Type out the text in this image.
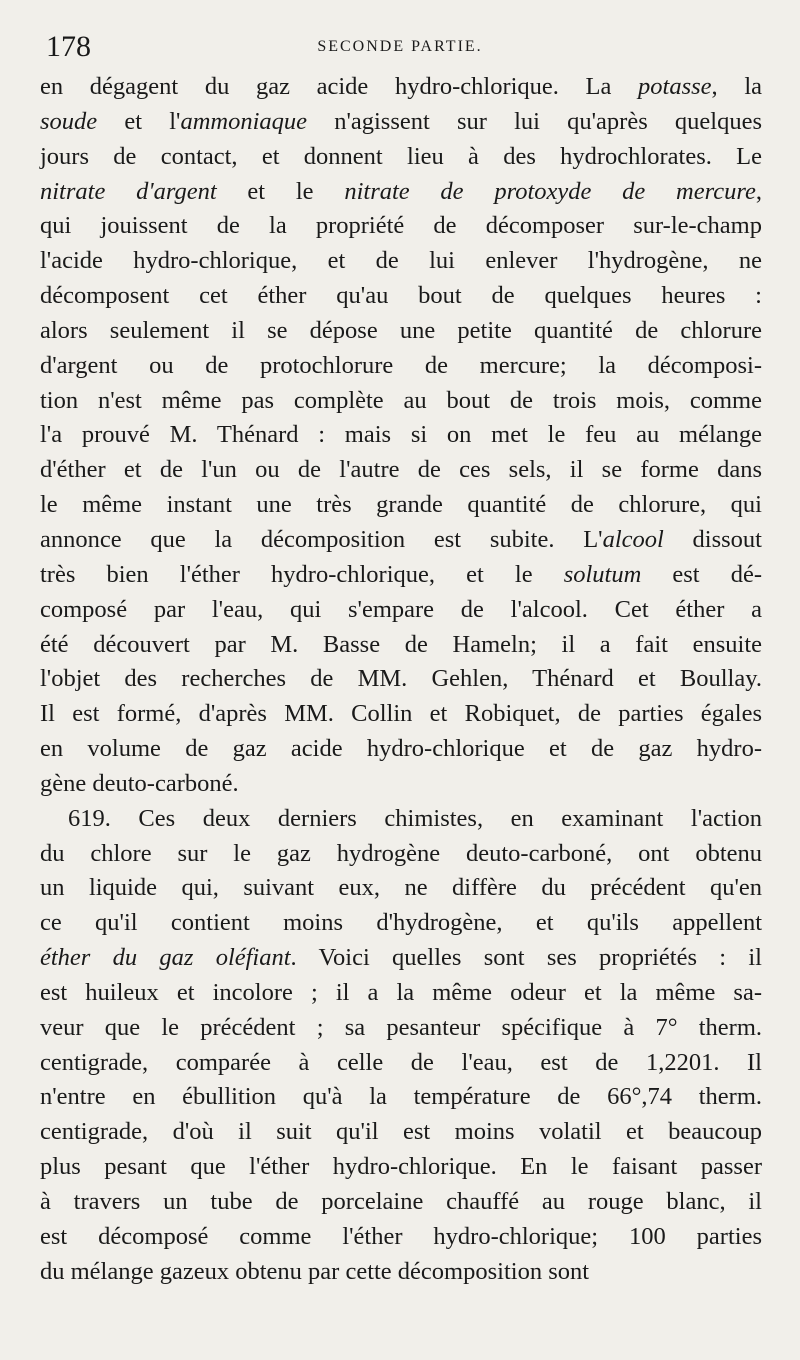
178	SECONDE PARTIE.
en dégagent du gaz acide hydro-chlorique. La potasse, la
soude et l'ammoniaque n'agissent sur lui qu'après quelques
jours de contact, et donnent lieu à des hydrochlorates. Le
nitrate d'argent et le nitrate de protoxyde de mercure,
qui jouissent de la propriété de décomposer sur-le-champ
l'acide hydro-chlorique, et de lui enlever l'hydrogène, ne
décomposent cet éther qu'au bout de quelques heures :
alors seulement il se dépose une petite quantité de chlorure
d'argent ou de protochlorure de mercure; la décomposi-
tion n'est même pas complète au bout de trois mois, comme
l'a prouvé M. Thénard : mais si on met le feu au mélange
d'éther et de l'un ou de l'autre de ces sels, il se forme dans
le même instant une très grande quantité de chlorure, qui
annonce que la décomposition est subite. L'alcool dissout
très bien l'éther hydro-chlorique, et le solutum est dé-
composé par l'eau, qui s'empare de l'alcool. Cet éther a
été découvert par M. Basse de Hameln; il a fait ensuite
l'objet des recherches de MM. Gehlen, Thénard et Boullay.
Il est formé, d'après MM. Collin et Robiquet, de parties égales
en volume de gaz acide hydro-chlorique et de gaz hydro-
gène deuto-carboné.
619. Ces deux derniers chimistes, en examinant l'action
du chlore sur le gaz hydrogène deuto-carboné, ont obtenu
un liquide qui, suivant eux, ne diffère du précédent qu'en
ce qu'il contient moins d'hydrogène, et qu'ils appellent
éther du gaz oléfiant. Voici quelles sont ses propriétés : il
est huileux et incolore ; il a la même odeur et la même sa-
veur que le précédent ; sa pesanteur spécifique à 7° therm.
centigrade, comparée à celle de l'eau, est de 1,2201. Il
n'entre en ébullition qu'à la température de 66°,74 therm.
centigrade, d'où il suit qu'il est moins volatil et beaucoup
plus pesant que l'éther hydro-chlorique. En le faisant passer
à travers un tube de porcelaine chauffé au rouge blanc, il
est décomposé comme l'éther hydro-chlorique; 100 parties
du mélange gazeux obtenu par cette décomposition sont
